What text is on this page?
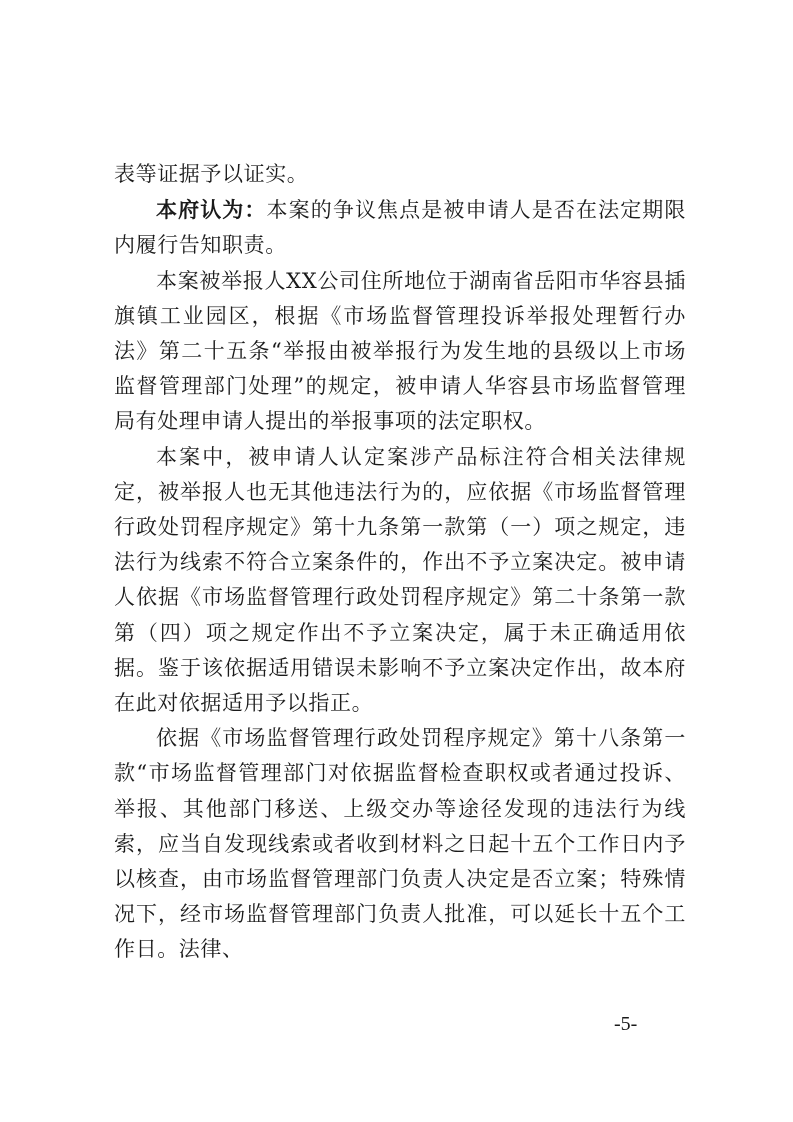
表等证据予以证实。

本府认为：本案的争议焦点是被申请人是否在法定期限内履行告知职责。

本案被举报人XX公司住所地位于湖南省岳阳市华容县插旗镇工业园区，根据《市场监督管理投诉举报处理暂行办法》第二十五条“举报由被举报行为发生地的县级以上市场监督管理部门处理”的规定，被申请人华容县市场监督管理局有处理申请人提出的举报事项的法定职权。

本案中，被申请人认定案涉产品标注符合相关法律规定，被举报人也无其他违法行为的，应依据《市场监督管理行政处罚程序规定》第十九条第一款第（一）项之规定，违法行为线索不符合立案条件的，作出不予立案决定。被申请人依据《市场监督管理行政处罚程序规定》第二十条第一款第（四）项之规定作出不予立案决定，属于未正确适用依据。鉴于该依据适用错误未影响不予立案决定作出，故本府在此对依据适用予以指正。

依据《市场监督管理行政处罚程序规定》第十八条第一款“市场监督管理部门对依据监督检查职权或者通过投诉、举报、其他部门移送、上级交办等途径发现的违法行为线索，应当自发现线索或者收到材料之日起十五个工作日内予以核查，由市场监督管理部门负责人决定是否立案；特殊情况下，经市场监督管理部门负责人批准，可以延长十五个工作日。法律、

-5-
